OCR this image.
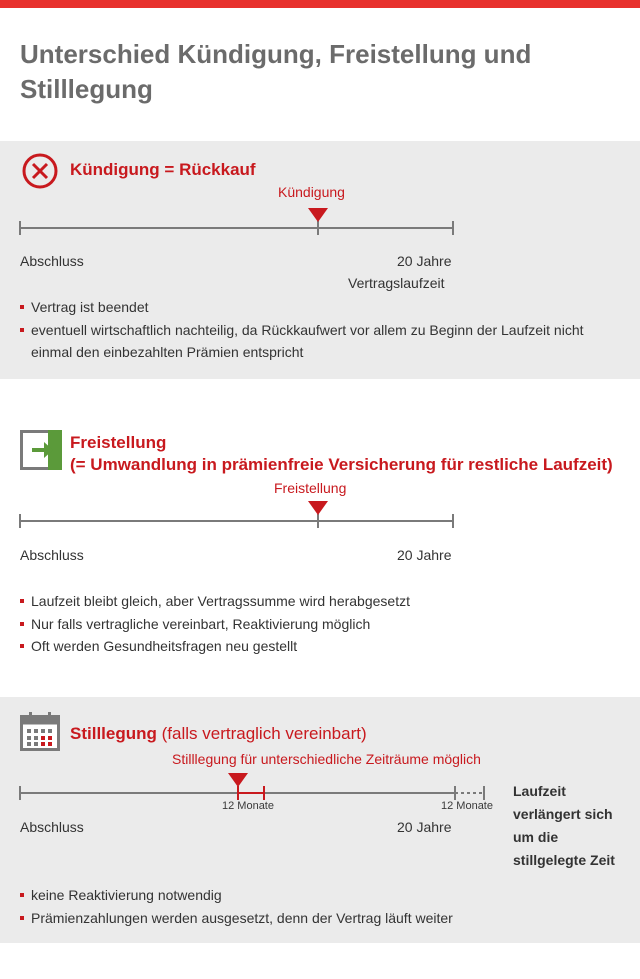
Unterschied Kündigung, Freistellung und Stilllegung
Kündigung = Rückkauf
Kündigung
Abschluss	20 Jahre
Vertragslaufzeit
Vertrag ist beendet
eventuell wirtschaftlich nachteilig, da Rückkaufwert vor allem zu Beginn der Laufzeit nicht einmal den einbezahlten Prämien entspricht
Freistellung
(= Umwandlung in prämienfreie Versicherung für restliche Laufzeit)
Freistellung
Abschluss	20 Jahre
Laufzeit bleibt gleich, aber Vertragssumme wird herabgesetzt
Nur falls vertragliche vereinbart, Reaktivierung möglich
Oft werden Gesundheitsfragen neu gestellt
Stilllegung (falls vertraglich vereinbart)
Stilllegung für unterschiedliche Zeiträume möglich
12 Monate	12 Monate
Abschluss	20 Jahre
keine Reaktivierung notwendig
Prämienzahlungen werden ausgesetzt, denn der Vertrag läuft weiter
Laufzeit verlängert sich um die stillgelegte Zeit
